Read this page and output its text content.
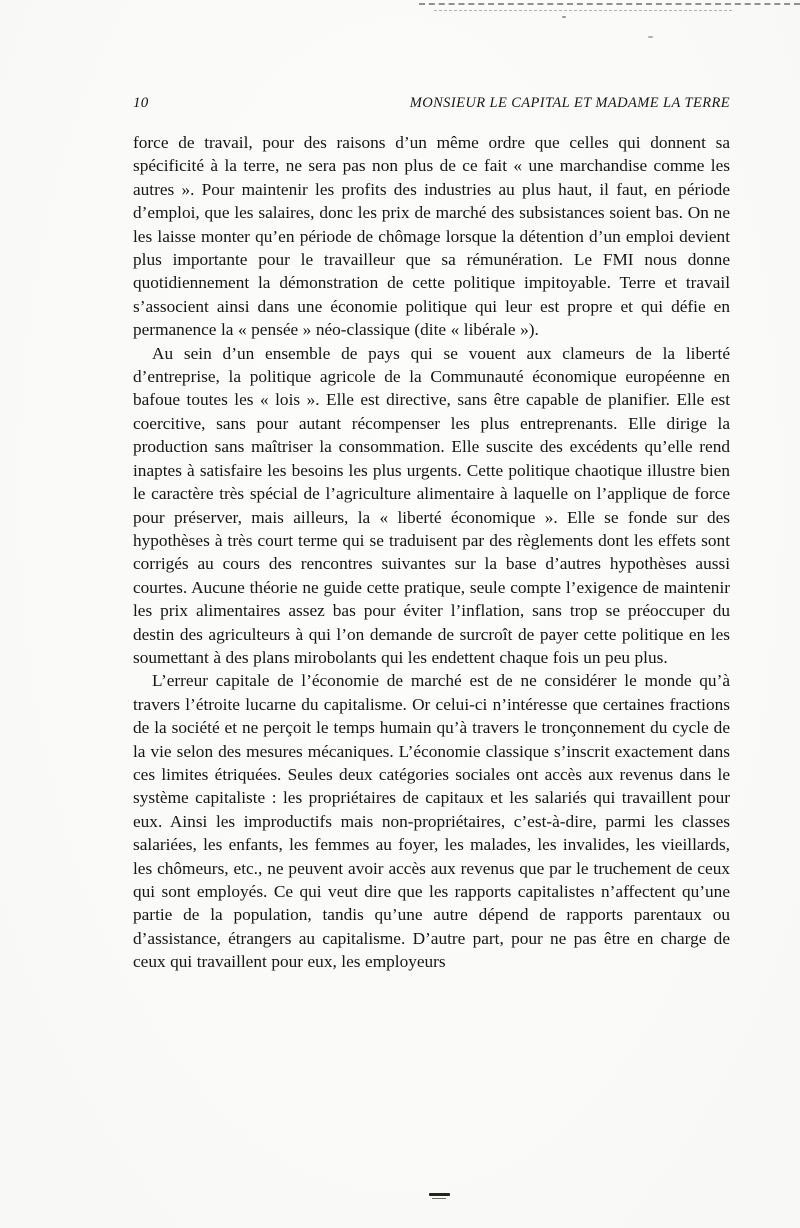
10	MONSIEUR LE CAPITAL ET MADAME LA TERRE

force de travail, pour des raisons d’un même ordre que celles qui donnent sa spécificité à la terre, ne sera pas non plus de ce fait « une marchandise comme les autres ». Pour maintenir les profits des industries au plus haut, il faut, en période d’emploi, que les salaires, donc les prix de marché des subsistances soient bas. On ne les laisse monter qu’en période de chômage lorsque la détention d’un emploi devient plus importante pour le travailleur que sa rémunération. Le FMI nous donne quotidiennement la démonstration de cette politique impitoyable. Terre et travail s’associent ainsi dans une économie politique qui leur est propre et qui défie en permanence la « pensée » néo-classique (dite « libérale »).

Au sein d’un ensemble de pays qui se vouent aux clameurs de la liberté d’entreprise, la politique agricole de la Communauté économique européenne en bafoue toutes les « lois ». Elle est directive, sans être capable de planifier. Elle est coercitive, sans pour autant récompenser les plus entreprenants. Elle dirige la production sans maîtriser la consommation. Elle suscite des excédents qu’elle rend inaptes à satisfaire les besoins les plus urgents. Cette politique chaotique illustre bien le caractère très spécial de l’agriculture alimentaire à laquelle on l’applique de force pour préserver, mais ailleurs, la « liberté économique ». Elle se fonde sur des hypothèses à très court terme qui se traduisent par des règlements dont les effets sont corrigés au cours des rencontres suivantes sur la base d’autres hypothèses aussi courtes. Aucune théorie ne guide cette pratique, seule compte l’exigence de maintenir les prix alimentaires assez bas pour éviter l’inflation, sans trop se préoccuper du destin des agriculteurs à qui l’on demande de surcroît de payer cette politique en les soumettant à des plans mirobolants qui les endettent chaque fois un peu plus.

L’erreur capitale de l’économie de marché est de ne considérer le monde qu’à travers l’étroite lucarne du capitalisme. Or celui-ci n’intéresse que certaines fractions de la société et ne perçoit le temps humain qu’à travers le tronçonnement du cycle de la vie selon des mesures mécaniques. L’économie classique s’inscrit exactement dans ces limites étriquées. Seules deux catégories sociales ont accès aux revenus dans le système capitaliste : les propriétaires de capitaux et les salariés qui travaillent pour eux. Ainsi les improductifs mais non-propriétaires, c’est-à-dire, parmi les classes salariées, les enfants, les femmes au foyer, les malades, les invalides, les vieillards, les chômeurs, etc., ne peuvent avoir accès aux revenus que par le truchement de ceux qui sont employés. Ce qui veut dire que les rapports capitalistes n’affectent qu’une partie de la population, tandis qu’une autre dépend de rapports parentaux ou d’assistance, étrangers au capitalisme. D’autre part, pour ne pas être en charge de ceux qui travaillent pour eux, les employeurs
